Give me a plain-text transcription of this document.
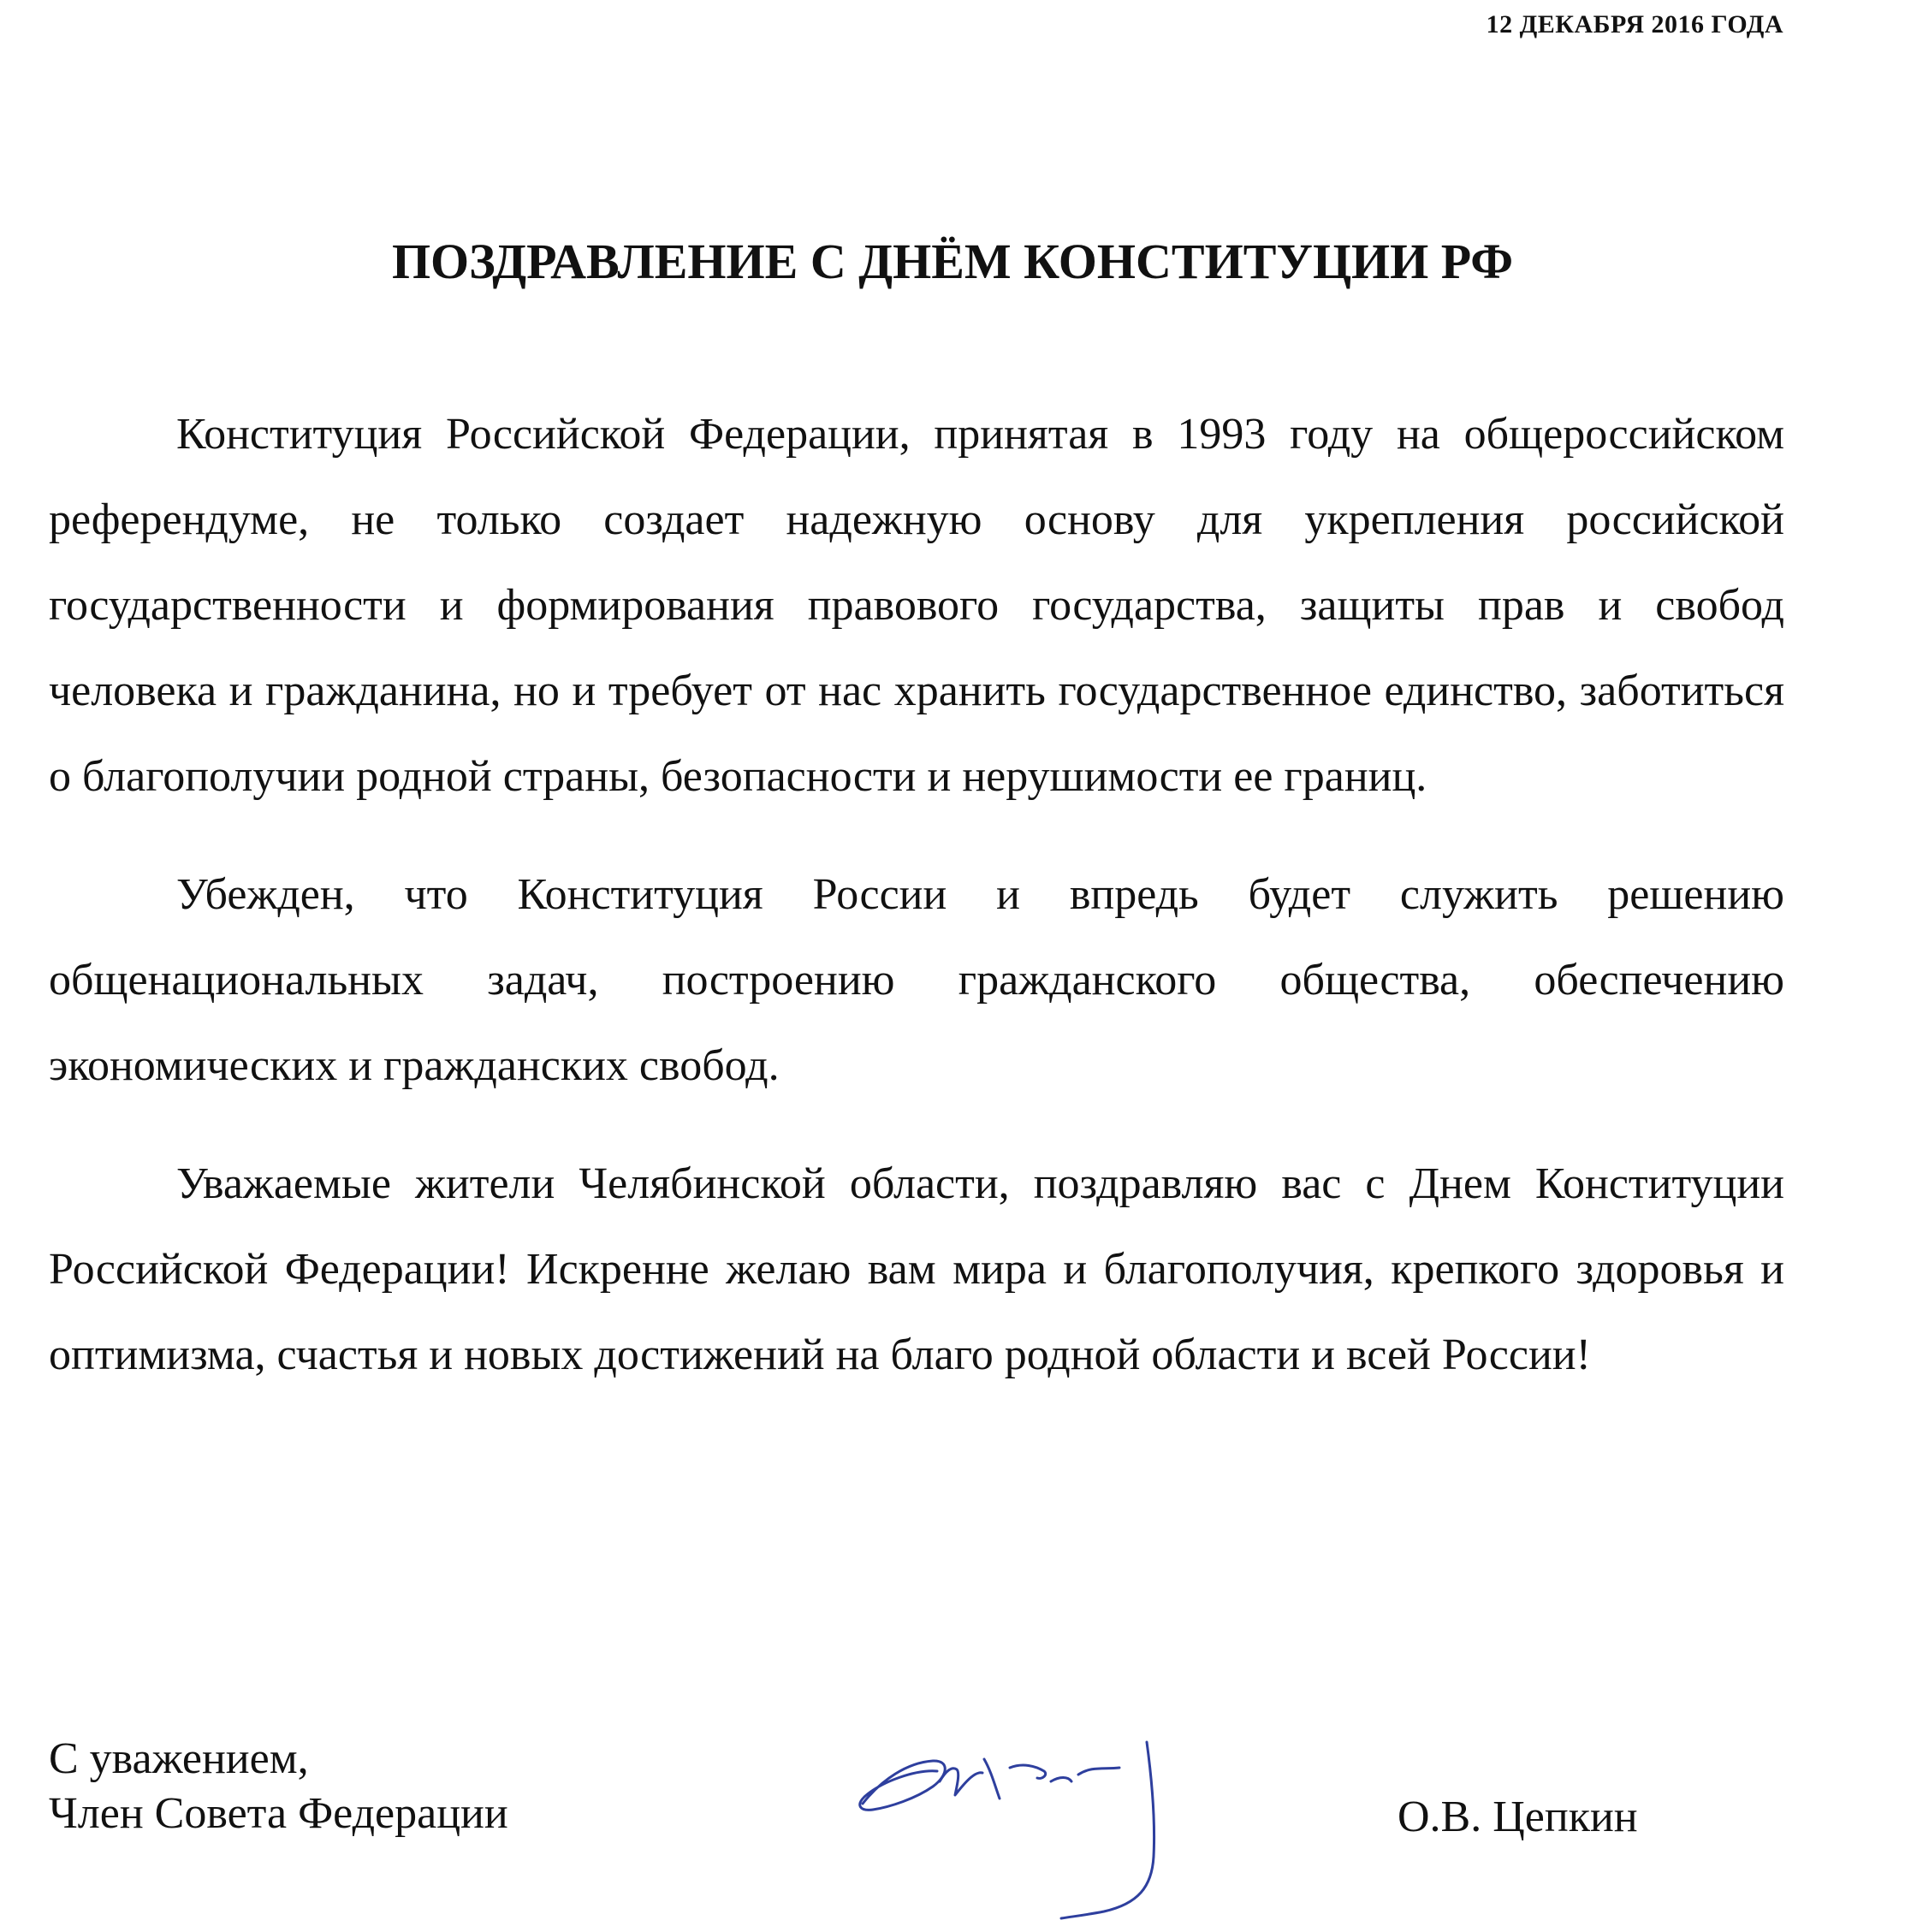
12 ДЕКАБРЯ 2016 ГОДА
ПОЗДРАВЛЕНИЕ С ДНЁМ КОНСТИТУЦИИ РФ

Конституция Российской Федерации, принятая в 1993 году на общероссийском референдуме, не только создает надежную основу для укрепления российской государственности и формирования правового государства, защиты прав и свобод человека и гражданина, но и требует от нас хранить государственное единство, заботиться о благополучии родной страны, безопасности и нерушимости ее границ.

Убежден, что Конституция России и впредь будет служить решению общенациональных задач, построению гражданского общества, обеспечению экономических и гражданских свобод.

Уважаемые жители Челябинской области, поздравляю вас с Днем Конституции Российской Федерации! Искренне желаю вам мира и благополучия, крепкого здоровья и оптимизма, счастья и новых достижений на благо родной области и всей России!

С уважением,
Член Совета Федерации	О.В. Цепкин
